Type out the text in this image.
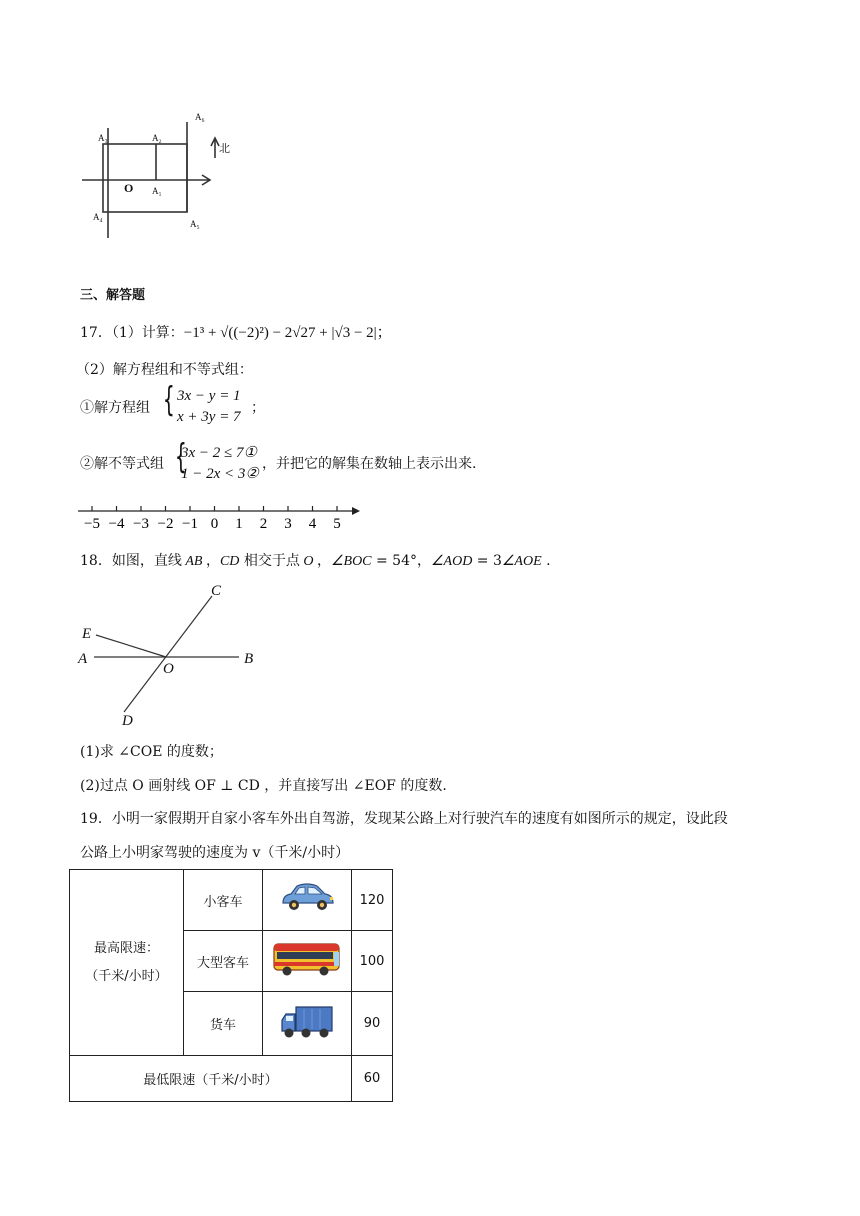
A₃	A₂
A₆
O A₁
A₄
A₅
北
三、解答题
17．（1）计算：−1³ + √((−2)²) − 2√27 + |√3 − 2|；
（2）解方程组和不等式组：
①解方程组 { 3x − y = 1
x + 3y = 7
；
②解不等式组 {
3x − 2 ≤ 7①
1 − 2x < 3②
，并把它的解集在数轴上表示出来.
−5 −4 −3 −2 −1 0 1 2 3 4 5
18．如图，直线 AB ，CD 相交于点 O ，∠BOC = 54°，∠AOD = 3∠AOE .
C
E
A
O
B
D
(1)求 ∠COE 的度数；
(2)过点 O 画射线 OF ⊥ CD ，并直接写出 ∠EOF 的度数.
19．小明一家假期开自家小客车外出自驾游，发现某公路上对行驶汽车的速度有如图所示的规定，设此段
公路上小明家驾驶的速度为 v（千米/小时）
最高限速：
（千米/小时）	小客车		120
	大型客车		100
	货车		90
最低限速（千米/小时）			60
